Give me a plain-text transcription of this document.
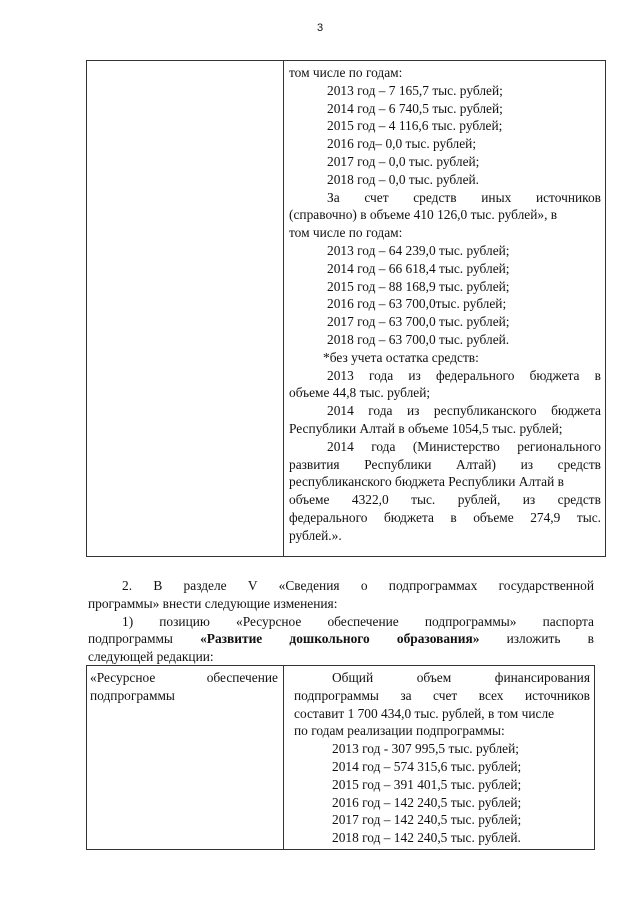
3

том числе по годам:
2013 год – 7 165,7 тыс. рублей;
2014 год – 6 740,5 тыс. рублей;
2015 год – 4 116,6 тыс. рублей;
2016 год– 0,0 тыс. рублей;
2017 год – 0,0 тыс. рублей;
2018 год – 0,0 тыс. рублей.
За счет средств иных источников
(справочно) в объеме 410 126,0 тыс. рублей», в
том числе по годам:
2013 год – 64 239,0 тыс. рублей;
2014 год – 66 618,4 тыс. рублей;
2015 год – 88 168,9 тыс. рублей;
2016 год – 63 700,0тыс. рублей;
2017 год – 63 700,0 тыс. рублей;
2018 год – 63 700,0 тыс. рублей.
*без учета остатка средств:
2013 года из федерального бюджета в
объеме 44,8 тыс. рублей;
2014 года из республиканского бюджета
Республики Алтай в объеме 1054,5 тыс. рублей;
2014 года (Министерство регионального
развития Республики Алтай) из средств
республиканского бюджета Республики Алтай в
объеме 4322,0 тыс. рублей, из средств
федерального бюджета в объеме 274,9 тыс.
рублей.».
2. В разделе V «Сведения о подпрограммах государственной
программы» внести следующие изменения:
1) позицию «Ресурсное обеспечение подпрограммы» паспорта
подпрограммы «Развитие дошкольного образования» изложить в
следующей редакции:
«Ресурсное обеспечение
подпрограммы

Общий объем финансирования
подпрограммы за счет всех источников
составит 1 700 434,0 тыс. рублей, в том числе
по годам реализации подпрограммы:
2013 год - 307 995,5 тыс. рублей;
2014 год – 574 315,6 тыс. рублей;
2015 год – 391 401,5 тыс. рублей;
2016 год – 142 240,5 тыс. рублей;
2017 год – 142 240,5 тыс. рублей;
2018 год – 142 240,5 тыс. рублей.
